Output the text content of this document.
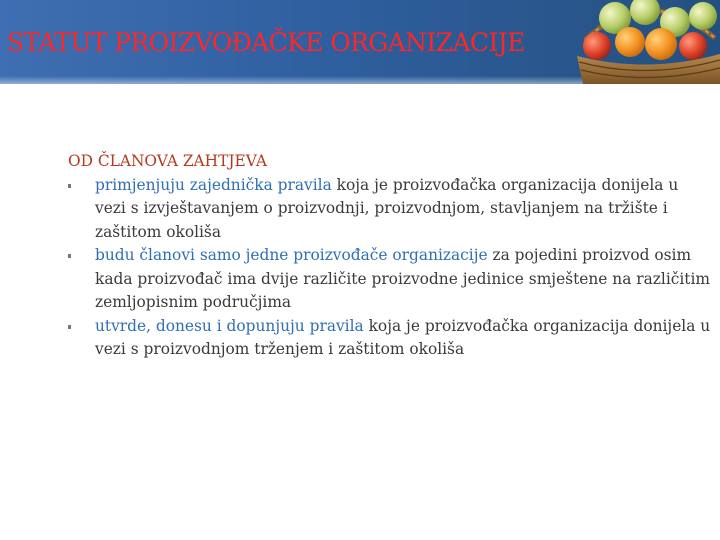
STATUT PROIZVOĐAČKE ORGANIZACIJE

OD ČLANOVA ZAHTJEVA

primjenjuju zajednička pravila koja je proizvođačka organizacija donijela u vezi s izvještavanjem o proizvodnji, proizvodnjom, stavljanjem na tržište i zaštitom okoliša
budu članovi samo jedne proizvođače organizacije za pojedini proizvod osim kada proizvođač ima dvije različite proizvodne jedinice smještene na različitim zemljopisnim područjima
utvrde, donesu i dopunjuju pravila koja je proizvođačka organizacija donijela u vezi s proizvodnjom trženjem i zaštitom okoliša
